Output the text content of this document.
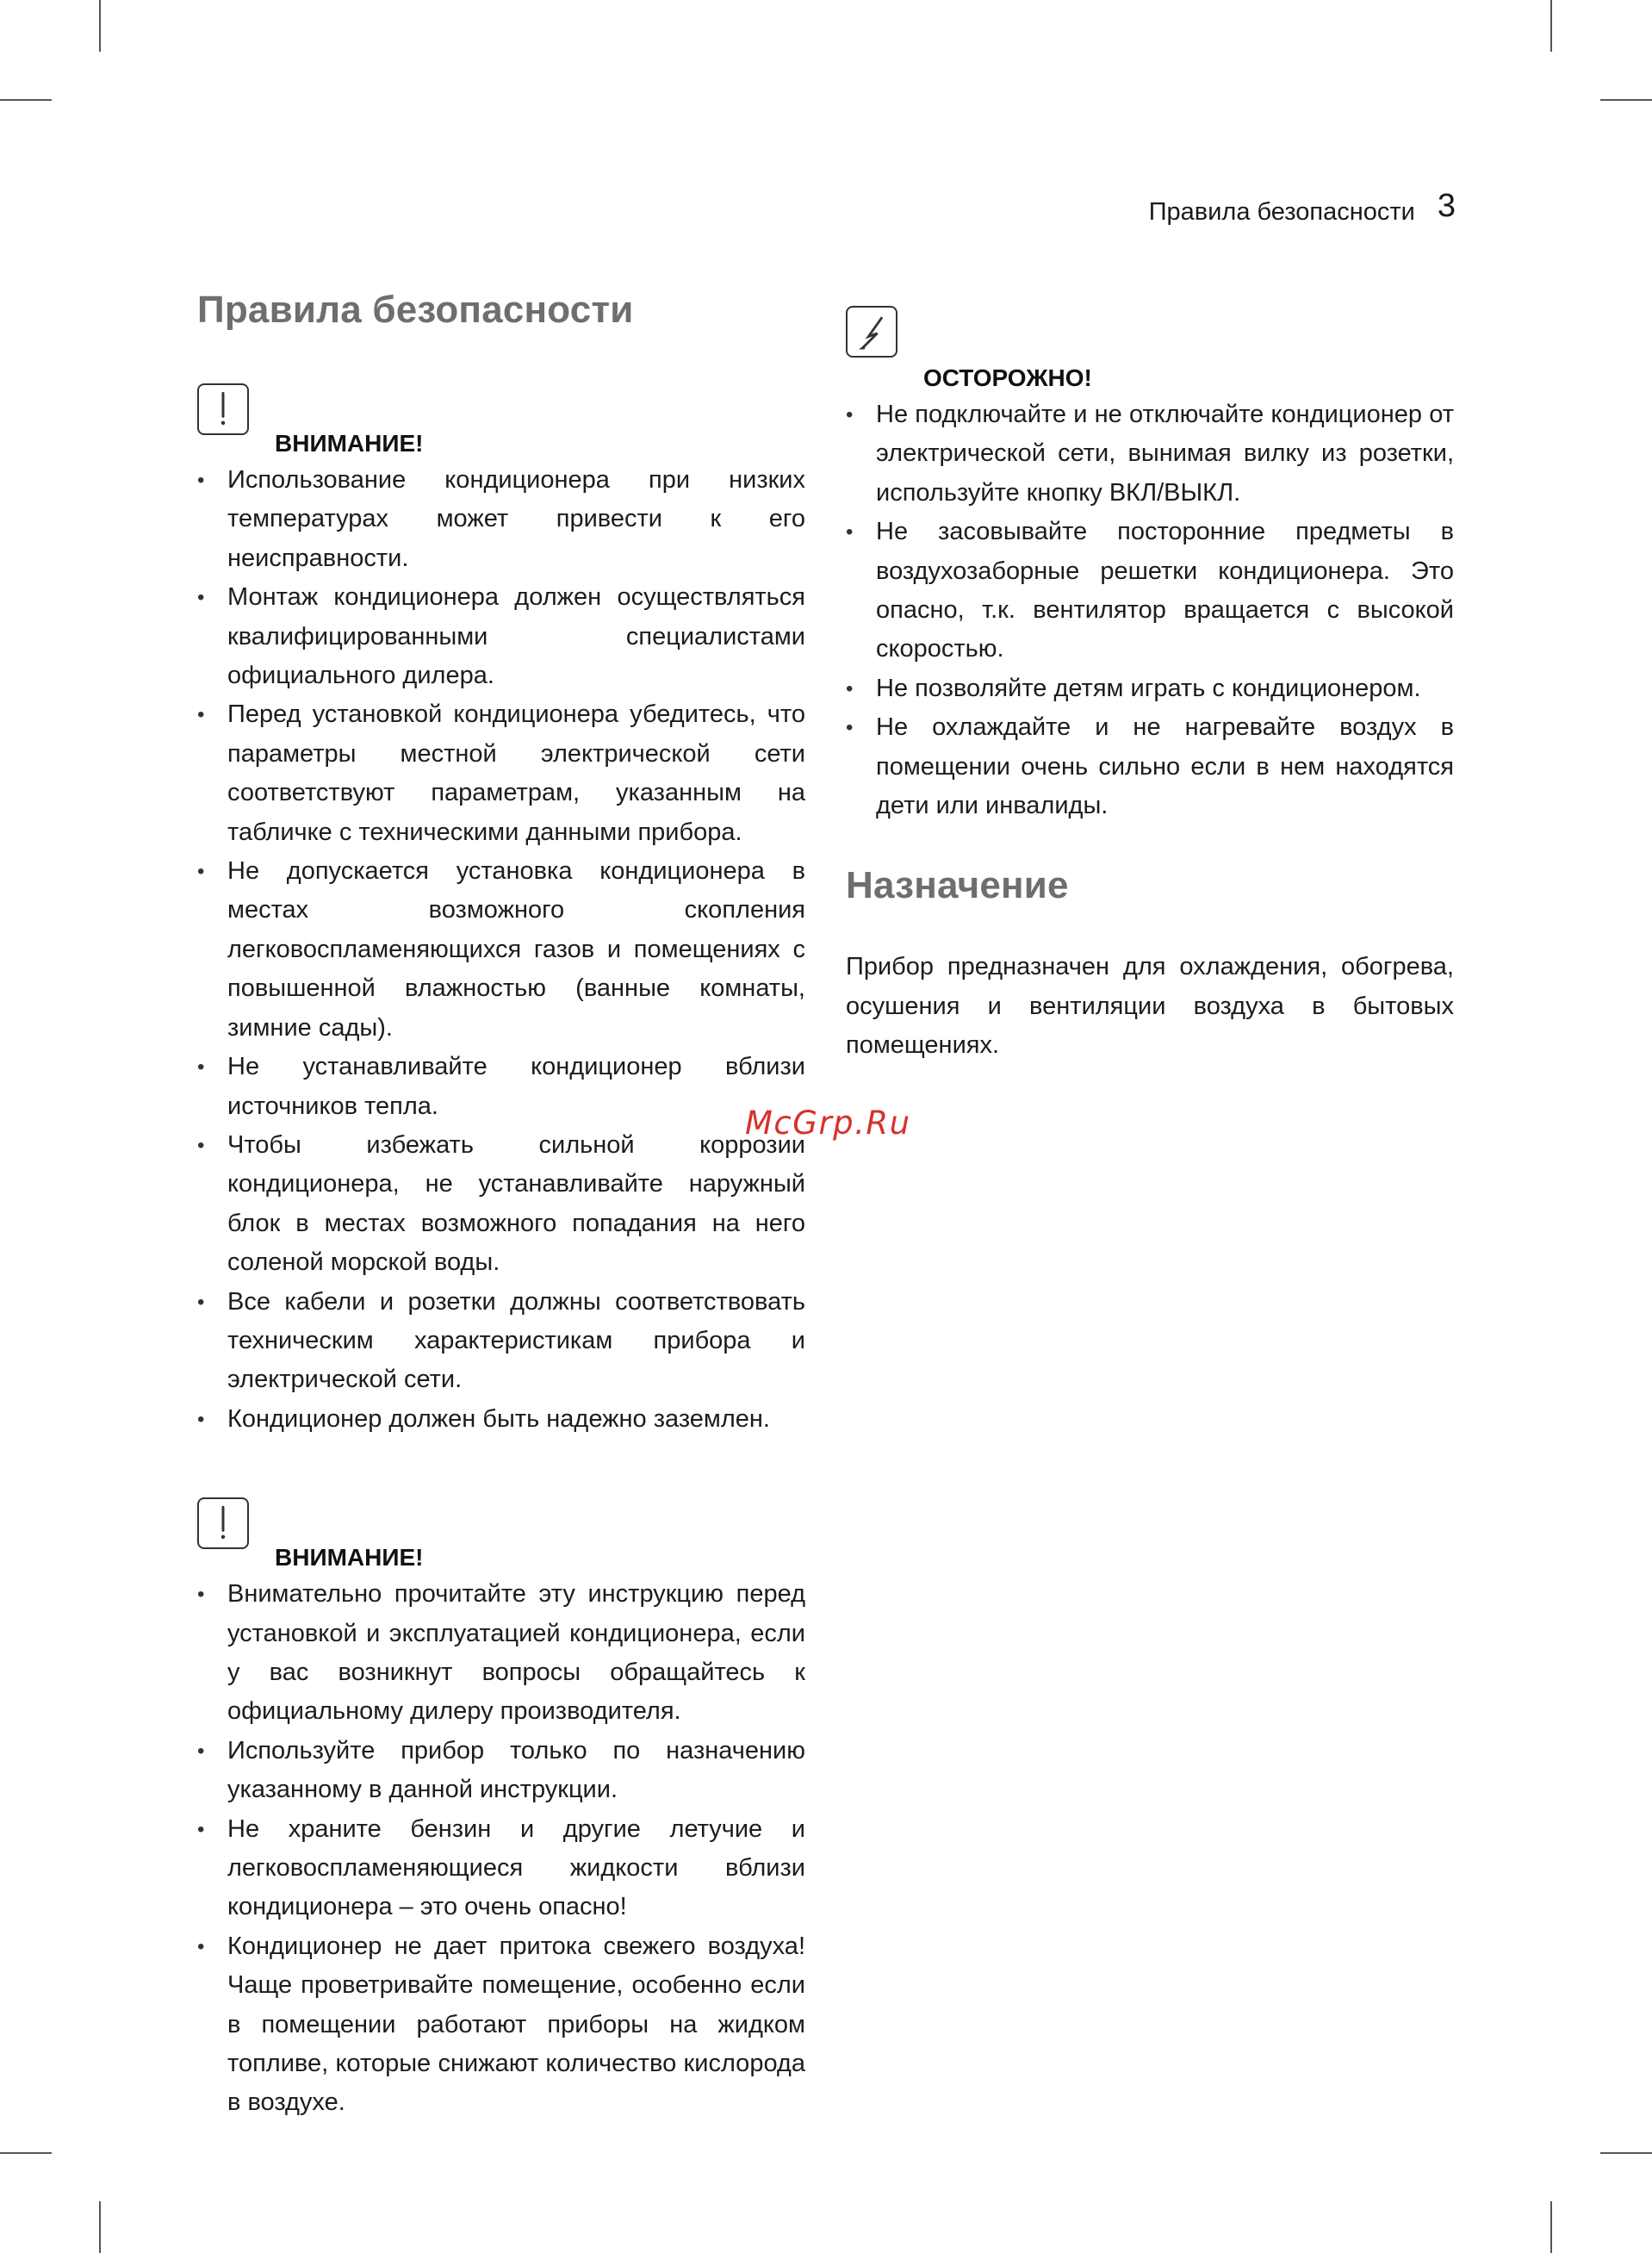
Правила безопасности 3
Правила безопасности
ВНИМАНИЕ!
• Использование кондиционера при низких температурах может привести к его неисправности.
• Монтаж кондиционера должен осуществляться квалифицированными специалистами официального дилера.
• Перед установкой кондиционера убедитесь, что параметры местной электрической сети соответствуют параметрам, указанным на табличке с техническими данными прибора.
• Не допускается установка кондиционера в местах возможного скопления легковоспламеняющихся газов и помещениях с повышенной влажностью (ванные комнаты, зимние сады).
• Не устанавливайте кондиционер вблизи источников тепла.
• Чтобы избежать сильной коррозии кондиционера, не устанавливайте наружный блок в местах возможного попадания на него соленой морской воды.
• Все кабели и розетки должны соответствовать техническим характеристикам прибора и электрической сети.
• Кондиционер должен быть надежно заземлен.
ВНИМАНИЕ!
• Внимательно прочитайте эту инструкцию перед установкой и эксплуатацией кондиционера, если у вас возникнут вопросы обращайтесь к официальному дилеру производителя.
• Используйте прибор только по назначению указанному в данной инструкции.
• Не храните бензин и другие летучие и легковоспламеняющиеся жидкости вблизи кондиционера – это очень опасно!
• Кондиционер не дает притока свежего воздуха! Чаще проветривайте помещение, особенно если в помещении работают приборы на жидком топливе, которые снижают количество кислорода в воздухе.
ОСТОРОЖНО!
• Не подключайте и не отключайте кондиционер от электрической сети, вынимая вилку из розетки, используйте кнопку ВКЛ/ВЫКЛ.
• Не засовывайте посторонние предметы в воздухозаборные решетки кондиционера. Это опасно, т.к. вентилятор вращается с высокой скоростью.
• Не позволяйте детям играть с кондиционером.
• Не охлаждайте и не нагревайте воздух в помещении очень сильно если в нем находятся дети или инвалиды.
Назначение

Прибор предназначен для охлаждения, обогрева, осушения и вентиляции воздуха в бытовых помещениях.

McGrp.Ru
